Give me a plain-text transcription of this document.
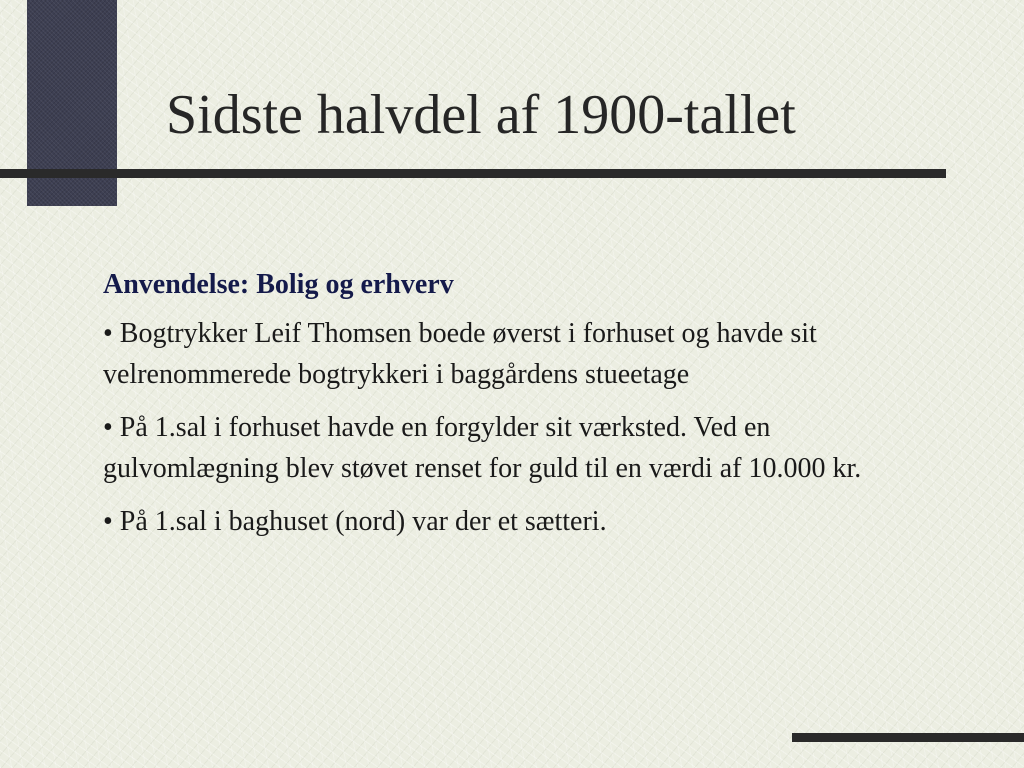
Sidste halvdel af 1900-tallet

Anvendelse: Bolig og erhverv

• Bogtrykker Leif Thomsen boede øverst i forhuset og havde sit velrenommerede bogtrykkeri i baggårdens stueetage

• På 1.sal i forhuset havde en forgylder sit værksted. Ved en gulvomlægning blev støvet renset for guld til en værdi af 10.000 kr.

• På 1.sal i baghuset (nord) var der et sætteri.
